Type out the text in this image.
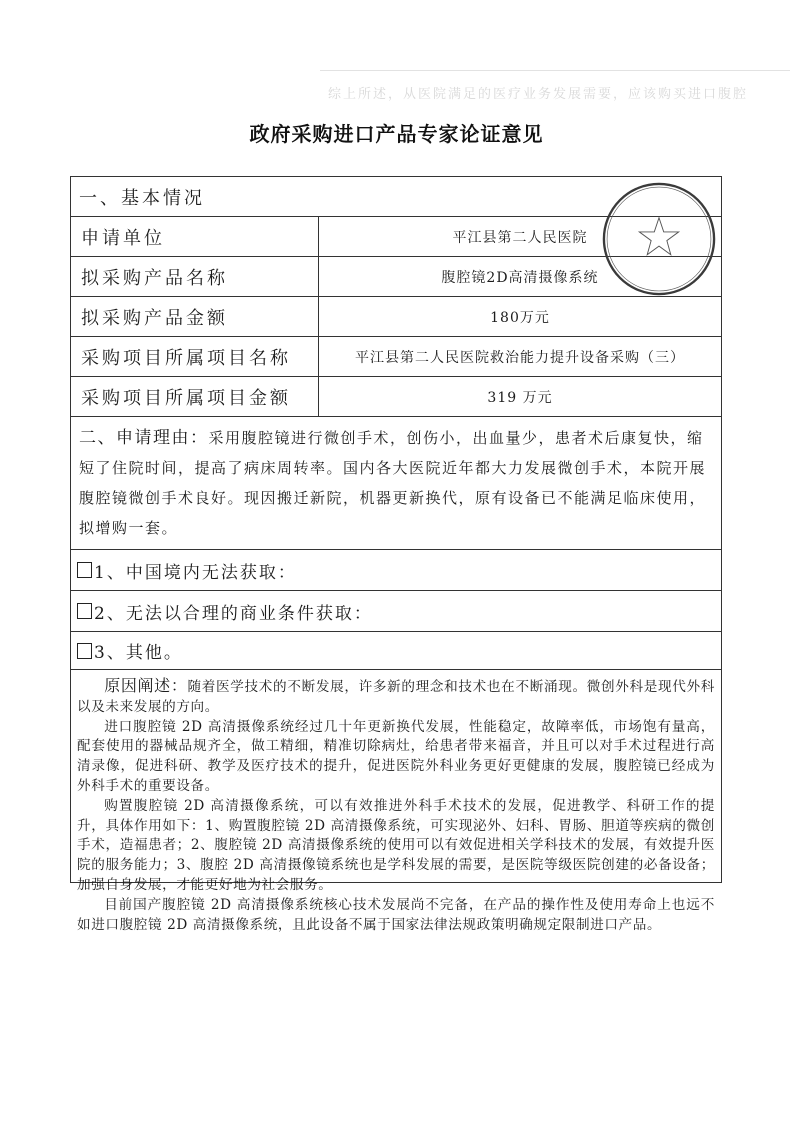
综上所述，从医院满足的医疗业务发展需要，应该购买进口腹腔
政府采购进口产品专家论证意见
一、基本情况
申请单位	平江县第二人民医院
拟采购产品名称	腹腔镜2D高清摄像系统
拟采购产品金额	180万元
采购项目所属项目名称	平江县第二人民医院救治能力提升设备采购（三）
采购项目所属项目金额	319 万元
二、申请理由：采用腹腔镜进行微创手术，创伤小，出血量少，患者术后康复快，缩短了住院时间，提高了病床周转率。国内各大医院近年都大力发展微创手术，本院开展腹腔镜微创手术良好。现因搬迁新院，机器更新换代，原有设备已不能满足临床使用，拟增购一套。
1、中国境内无法获取：
2、无法以合理的商业条件获取：
3、其他。

原因阐述：随着医学技术的不断发展，许多新的理念和技术也在不断涌现。微创外科是现代外科以及未来发展的方向。

进口腹腔镜 2D 高清摄像系统经过几十年更新换代发展，性能稳定，故障率低，市场饱有量高，配套使用的器械品规齐全，做工精细，精准切除病灶，给患者带来福音，并且可以对手术过程进行高清录像，促进科研、教学及医疗技术的提升，促进医院外科业务更好更健康的发展，腹腔镜已经成为外科手术的重要设备。

购置腹腔镜 2D 高清摄像系统，可以有效推进外科手术技术的发展，促进教学、科研工作的提升，具体作用如下：1、购置腹腔镜 2D 高清摄像系统，可实现泌外、妇科、胃肠、胆道等疾病的微创手术，造福患者；2、腹腔镜 2D 高清摄像系统的使用可以有效促进相关学科技术的发展，有效提升医院的服务能力；3、腹腔 2D 高清摄像镜系统也是学科发展的需要，是医院等级医院创建的必备设备；加强自身发展，才能更好地为社会服务。

目前国产腹腔镜 2D 高清摄像系统核心技术发展尚不完备，在产品的操作性及使用寿命上也远不如进口腹腔镜 2D 高清摄像系统，且此设备不属于国家法律法规政策明确规定限制进口产品。
